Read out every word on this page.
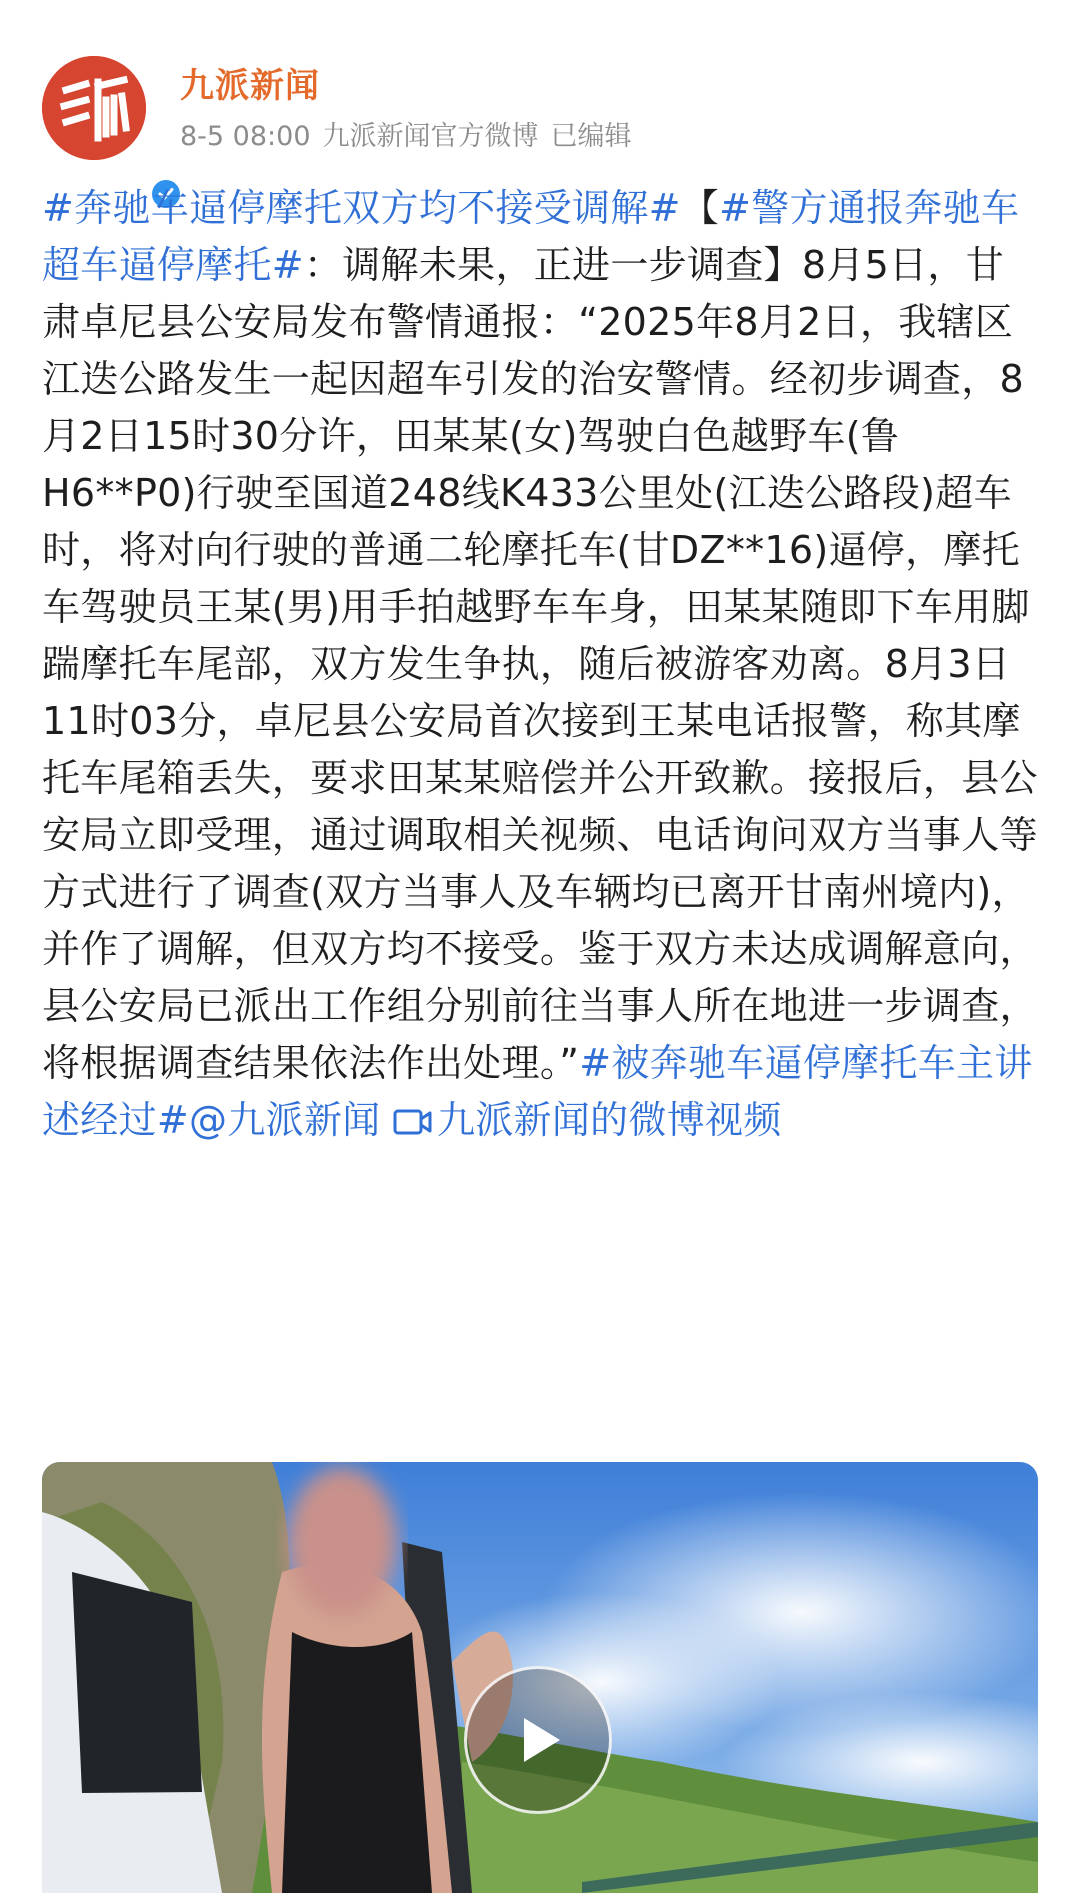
九派新闻
8-5 08:00 九派新闻官方微博 已编辑
#奔驰车逼停摩托双方均不接受调解#【#警方通报奔驰车超车逼停摩托#：调解未果，正进一步调查】8月5日，甘肃卓尼县公安局发布警情通报：“2025年8月2日，我辖区江迭公路发生一起因超车引发的治安警情。经初步调查，8月2日15时30分许，田某某(女)驾驶白色越野车(鲁H6**P0)行驶至国道248线K433公里处(江迭公路段)超车时，将对向行驶的普通二轮摩托车(甘DZ**16)逼停，摩托车驾驶员王某(男)用手拍越野车车身，田某某随即下车用脚踹摩托车尾部，双方发生争执，随后被游客劝离。8月3日11时03分，卓尼县公安局首次接到王某电话报警，称其摩托车尾箱丢失，要求田某某赔偿并公开致歉。接报后，县公安局立即受理，通过调取相关视频、电话询问双方当事人等方式进行了调查(双方当事人及车辆均已离开甘南州境内)，并作了调解，但双方均不接受。鉴于双方未达成调解意向，县公安局已派出工作组分别前往当事人所在地进一步调查，将根据调查结果依法作出处理。”#被奔驰车逼停摩托车主讲述经过#@九派新闻 九派新闻的微博视频
